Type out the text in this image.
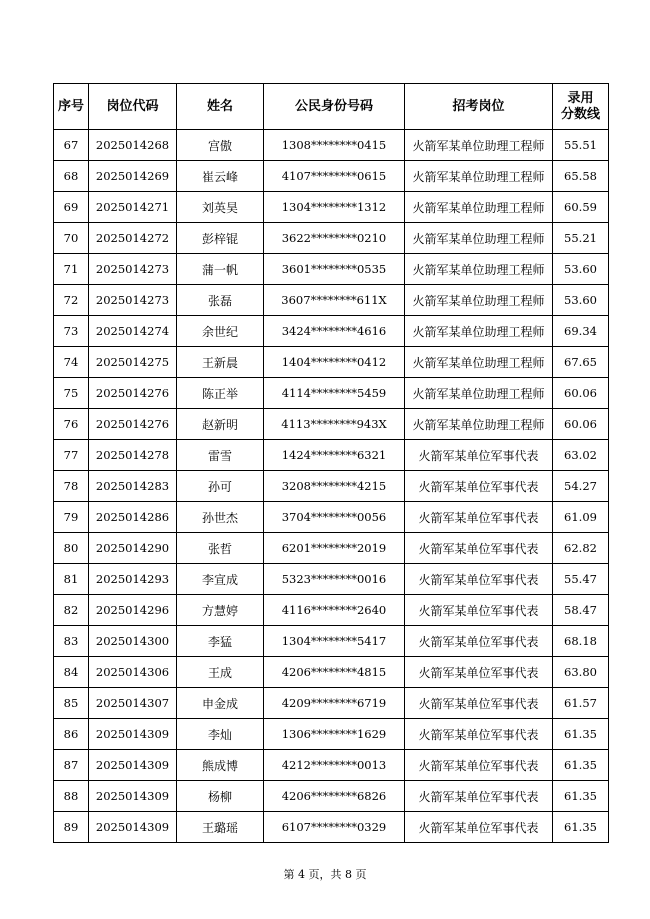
序号	岗位代码	姓名	公民身份号码	招考岗位	录用
分数线
67	2025014268	宫傲	1308********0415	火箭军某单位助理工程师	55.51
68	2025014269	崔云峰	4107********0615	火箭军某单位助理工程师	65.58
69	2025014271	刘英昊	1304********1312	火箭军某单位助理工程师	60.59
70	2025014272	彭梓锟	3622********0210	火箭军某单位助理工程师	55.21
71	2025014273	蒲一帆	3601********0535	火箭军某单位助理工程师	53.60
72	2025014273	张磊	3607********611X	火箭军某单位助理工程师	53.60
73	2025014274	余世纪	3424********4616	火箭军某单位助理工程师	69.34
74	2025014275	王新晨	1404********0412	火箭军某单位助理工程师	67.65
75	2025014276	陈正举	4114********5459	火箭军某单位助理工程师	60.06
76	2025014276	赵新明	4113********943X	火箭军某单位助理工程师	60.06
77	2025014278	雷雪	1424********6321	火箭军某单位军事代表	63.02
78	2025014283	孙可	3208********4215	火箭军某单位军事代表	54.27
79	2025014286	孙世杰	3704********0056	火箭军某单位军事代表	61.09
80	2025014290	张哲	6201********2019	火箭军某单位军事代表	62.82
81	2025014293	李宣成	5323********0016	火箭军某单位军事代表	55.47
82	2025014296	方慧婷	4116********2640	火箭军某单位军事代表	58.47
83	2025014300	李猛	1304********5417	火箭军某单位军事代表	68.18
84	2025014306	王成	4206********4815	火箭军某单位军事代表	63.80
85	2025014307	申金成	4209********6719	火箭军某单位军事代表	61.57
86	2025014309	李灿	1306********1629	火箭军某单位军事代表	61.35
87	2025014309	熊成博	4212********0013	火箭军某单位军事代表	61.35
88	2025014309	杨柳	4206********6826	火箭军某单位军事代表	61.35
89	2025014309	王璐瑶	6107********0329	火箭军某单位军事代表	61.35
第 4 页，共 8 页
